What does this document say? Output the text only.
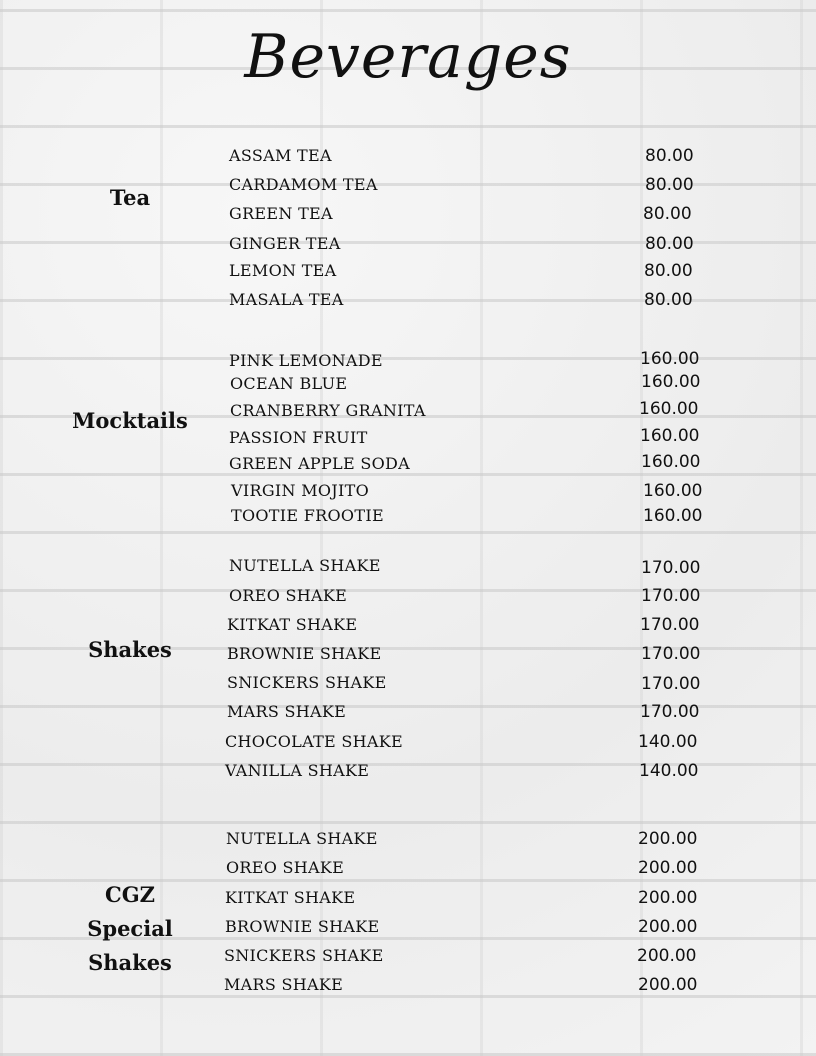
Beverages
Tea
ASSAM TEA	80.00
CARDAMOM TEA	80.00
GREEN TEA	80.00
GINGER TEA	80.00
LEMON TEA	80.00
MASALA TEA	80.00
Mocktails
PINK LEMONADE	160.00
OCEAN BLUE	160.00
CRANBERRY GRANITA	160.00
PASSION FRUIT	160.00
GREEN APPLE SODA	160.00
VIRGIN MOJITO	160.00
TOOTIE FROOTIE	160.00
Shakes
NUTELLA SHAKE	170.00
OREO SHAKE	170.00
KITKAT SHAKE	170.00
BROWNIE SHAKE	170.00
SNICKERS SHAKE	170.00
MARS SHAKE	170.00
CHOCOLATE SHAKE	140.00
VANILLA SHAKE	140.00
CGZ
Special
Shakes
NUTELLA SHAKE	200.00
OREO SHAKE	200.00
KITKAT SHAKE	200.00
BROWNIE SHAKE	200.00
SNICKERS SHAKE	200.00
MARS SHAKE	200.00
